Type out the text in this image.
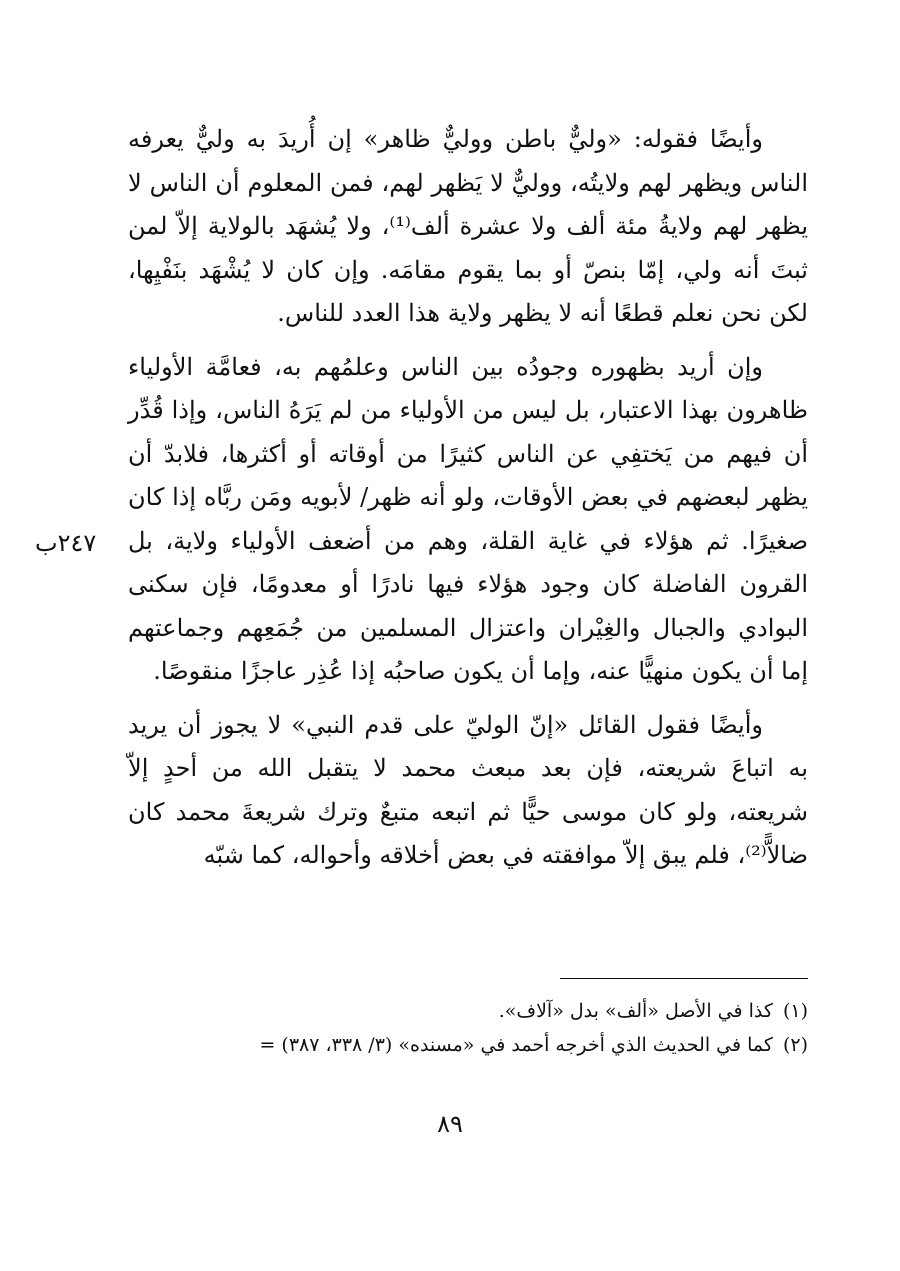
وأيضًا فقوله: «وليٌّ باطن ووليٌّ ظاهر» إن أُريدَ به وليٌّ يعرفه الناس ويظهر لهم ولايتُه، ووليٌّ لا يَظهر لهم، فمن المعلوم أن الناس لا يظهر لهم ولايةُ مئة ألف ولا عشرة ألف⁽¹⁾، ولا يُشهَد بالولاية إلاّ لمن ثبتَ أنه ولي، إمّا بنصّ أو بما يقوم مقامَه. وإن كان لا يُشْهَد بنَفْيِها، لكن نحن نعلم قطعًا أنه لا يظهر ولاية هذا العدد للناس.

وإن أريد بظهوره وجودُه بين الناس وعلمُهم به، فعامَّة الأولياء ظاهرون بهذا الاعتبار، بل ليس من الأولياء من لم يَرَهُ الناس، وإذا قُدِّر أن فيهم من يَختفِي عن الناس كثيرًا من أوقاته أو أكثرها، فلابدّ أن يظهر لبعضهم في بعض الأوقات، ولو أنه ظهر/ لأبويه ومَن ربَّاه إذا كان صغيرًا. ثم هؤلاء في غاية القلة، وهم من أضعف الأولياء ولاية، بل القرون الفاضلة كان وجود هؤلاء فيها نادرًا أو معدومًا، فإن سكنى البوادي والجبال والغِيْران واعتزال المسلمين من جُمَعِهم وجماعتهم إما أن يكون منهيًّا عنه، وإما أن يكون صاحبُه إذا عُذِر عاجزًا منقوصًا.

وأيضًا فقول القائل «إنّ الوليّ على قدم النبي» لا يجوز أن يريد به اتباعَ شريعته، فإن بعد مبعث محمد لا يتقبل الله من أحدٍ إلاّ شريعته، ولو كان موسى حيًّا ثم اتبعه متبعٌ وترك شريعةَ محمد كان ضالاًّ⁽²⁾، فلم يبق إلاّ موافقته في بعض أخلاقه وأحواله، كما شبّه

٢٤٧ب

(١)كذا في الأصل «ألف» بدل «آلاف».

(٢)كما في الحديث الذي أخرجه أحمد في «مسنده» (٣/ ٣٣٨، ٣٨٧) =

٨٩
